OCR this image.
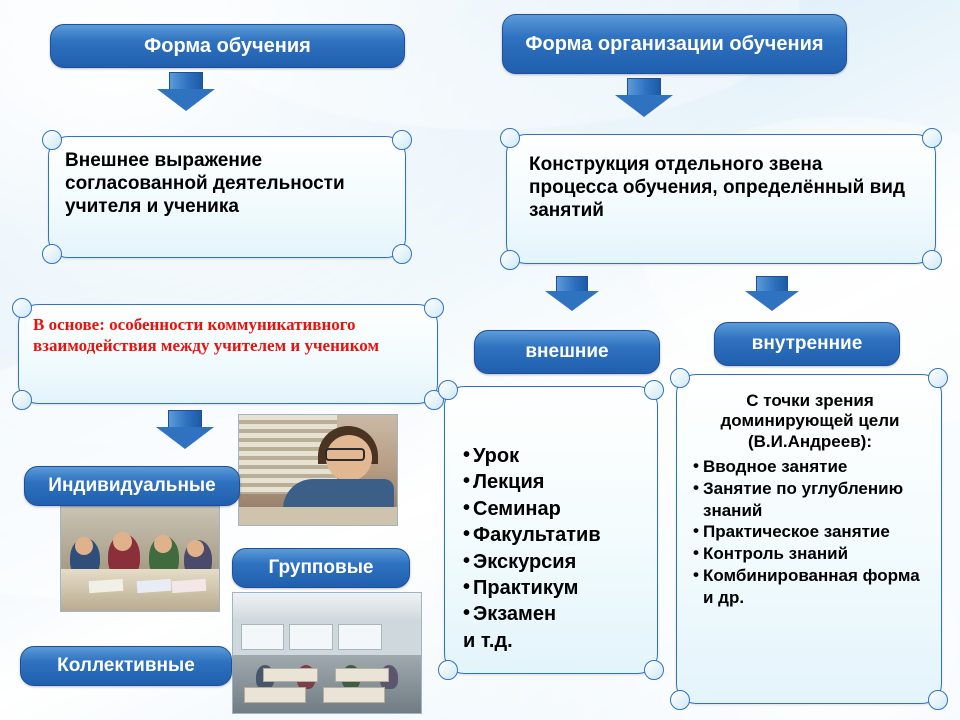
Форма обучения
Внешнее выражение согласованной деятельности учителя и ученика
В основе: особенности коммуникативного взаимодействия между учителем и учеником
Индивидуальные
Групповые
Коллективные
Форма организации обучения
Конструкция отдельного звена процесса обучения, определённый вид занятий
внешние	внутренние
• Урок
• Лекция
• Семинар
• Факультатив
• Экскурсия
• Практикум
• Экзамен
и т.д.
С точки зрения доминирующей цели (В.И.Андреев):
• Вводное занятие
• Занятие по углублению знаний
• Практическое занятие
• Контроль знаний
• Комбинированная форма и др.
